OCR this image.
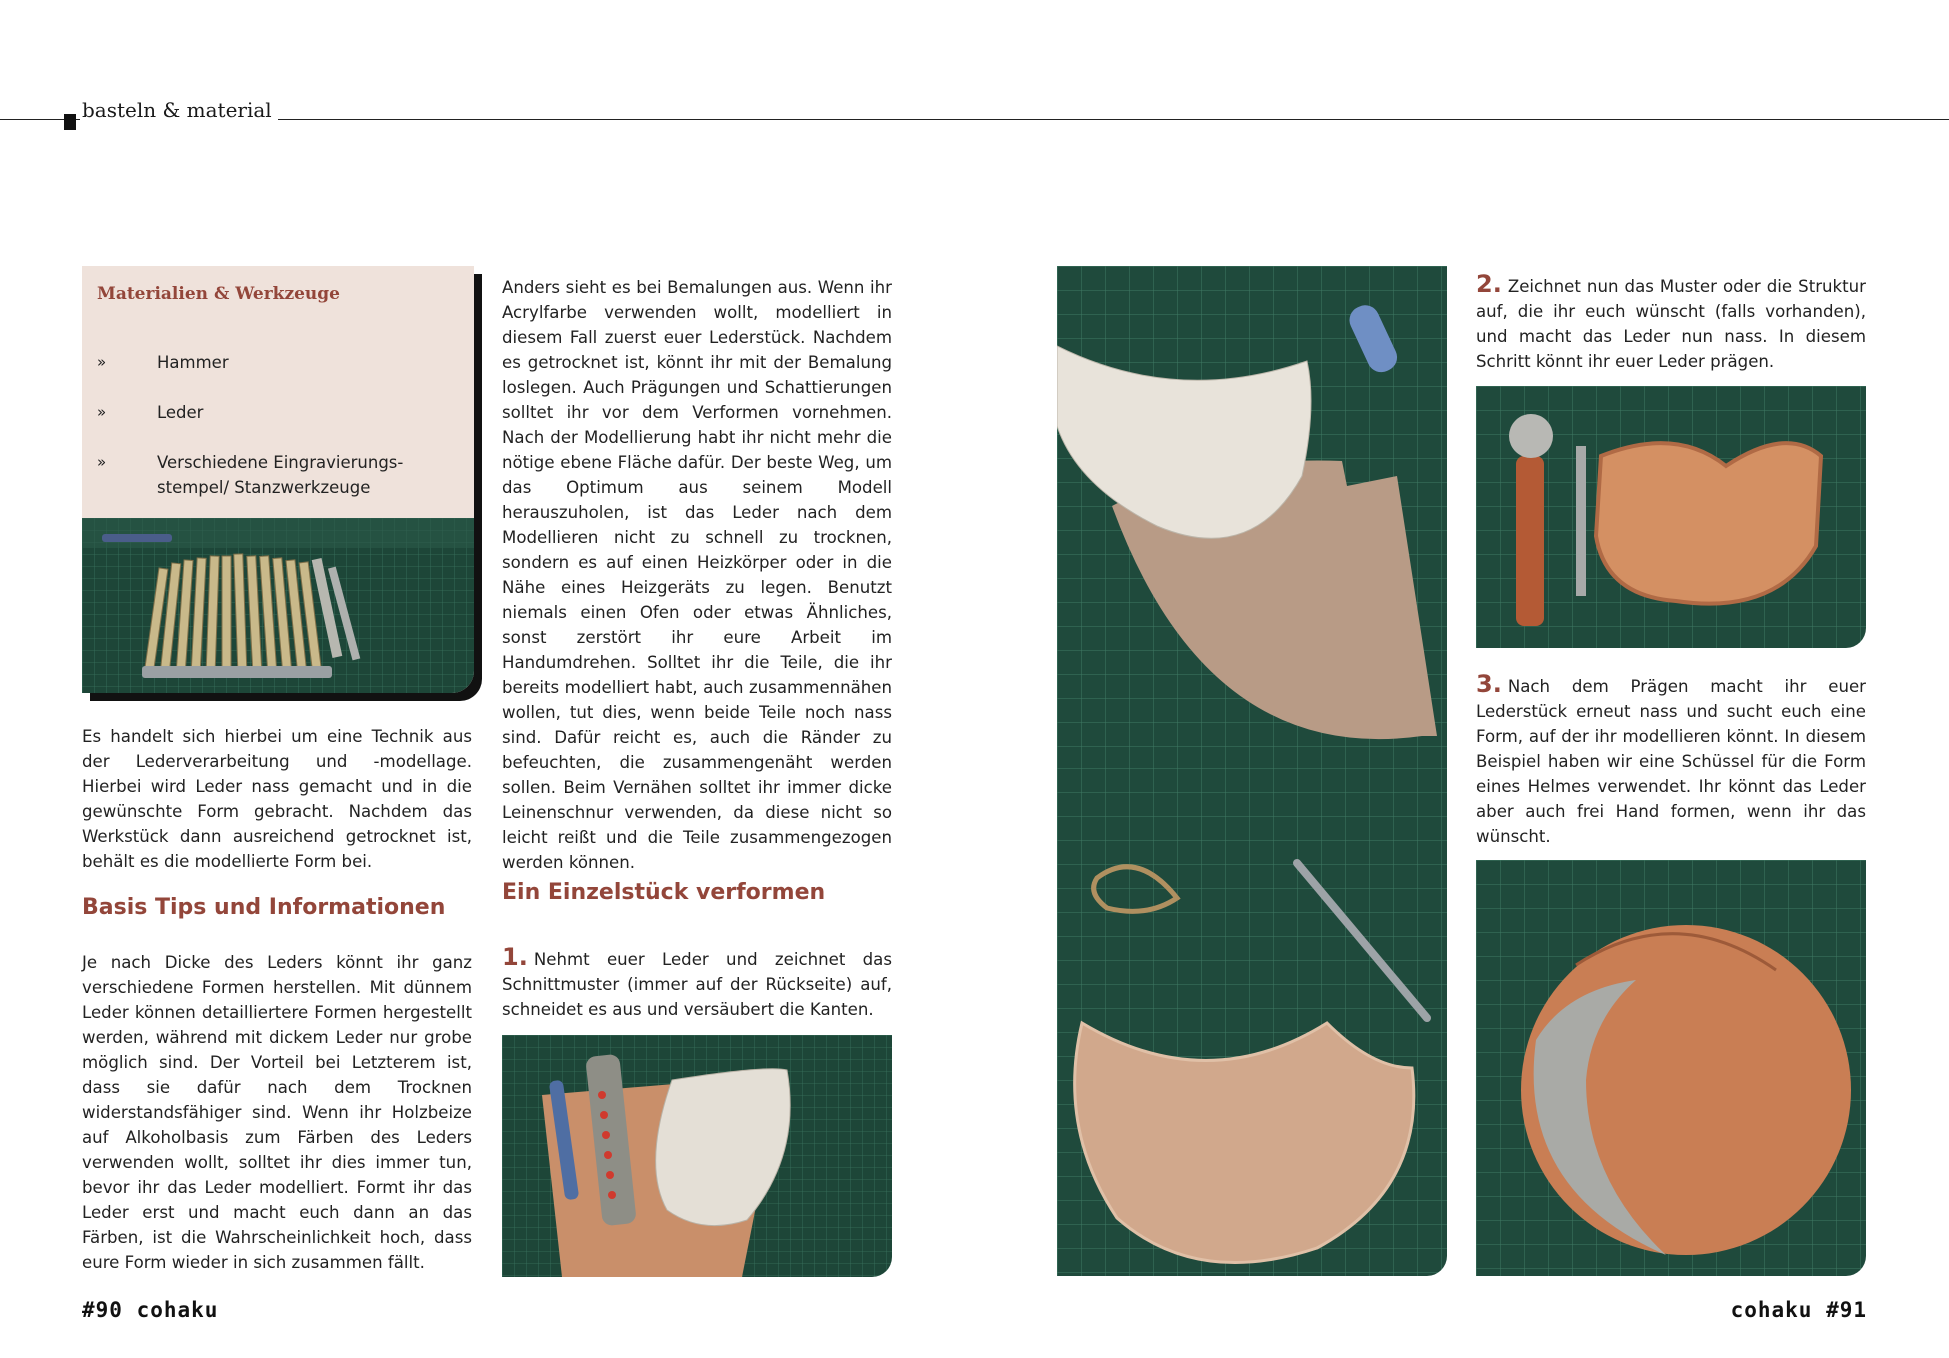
basteln & material
Materialien & Werkzeuge
»	Hammer
»	Leder
»	Verschiedene Eingravierungs-stempel/ Stanzwerkzeuge
Es handelt sich hierbei um eine Technik aus der Lederverarbeitung und -modellage. Hierbei wird Leder nass gemacht und in die gewünschte Form gebracht. Nachdem das Werkstück dann ausreichend getrocknet ist, behält es die modellierte Form bei.
Basis Tips und Informationen
Je nach Dicke des Leders könnt ihr ganz verschiedene Formen herstellen. Mit dünnem Leder können detailliertere Formen hergestellt werden, während mit dickem Leder nur grobe möglich sind. Der Vorteil bei Letzterem ist, dass sie dafür nach dem Trocknen widerstandsfähiger sind. Wenn ihr Holzbeize auf Alkoholbasis zum Färben des Leders verwenden wollt, solltet ihr dies immer tun, bevor ihr das Leder modelliert. Formt ihr das Leder erst und macht euch dann an das Färben, ist die Wahrscheinlichkeit hoch, dass eure Form wieder in sich zusammen fällt.
Anders sieht es bei Bemalungen aus. Wenn ihr Acrylfarbe verwenden wollt, modelliert in diesem Fall zuerst euer Lederstück. Nachdem es getrocknet ist, könnt ihr mit der Bemalung loslegen. Auch Prägungen und Schattierungen solltet ihr vor dem Verformen vornehmen. Nach der Modellierung habt ihr nicht mehr die nötige ebene Fläche dafür. Der beste Weg, um das Optimum aus seinem Modell herauszuholen, ist das Leder nach dem Modellieren nicht zu schnell zu trocknen, sondern es auf einen Heizkörper oder in die Nähe eines Heizgeräts zu legen. Benutzt niemals einen Ofen oder etwas Ähnliches, sonst zerstört ihr eure Arbeit im Handumdrehen. Solltet ihr die Teile, die ihr bereits modelliert habt, auch zusammennähen wollen, tut dies, wenn beide Teile noch nass sind. Dafür reicht es, auch die Ränder zu befeuchten, die zusammengenäht werden sollen. Beim Vernähen solltet ihr immer dicke Leinenschnur verwenden, da diese nicht so leicht reißt und die Teile zusammengezogen werden können.
Ein Einzelstück verformen
1. Nehmt euer Leder und zeichnet das Schnittmuster (immer auf der Rückseite) auf, schneidet es aus und versäubert die Kanten.
2. Zeichnet nun das Muster oder die Struktur auf, die ihr euch wünscht (falls vorhanden), und macht das Leder nun nass. In diesem Schritt könnt ihr euer Leder prägen.
3. Nach dem Prägen macht ihr euer Lederstück erneut nass und sucht euch eine Form, auf der ihr modellieren könnt. In diesem Beispiel haben wir eine Schüssel für die Form eines Helmes verwendet. Ihr könnt das Leder aber auch frei Hand formen, wenn ihr das wünscht.
#90 cohaku	cohaku #91
